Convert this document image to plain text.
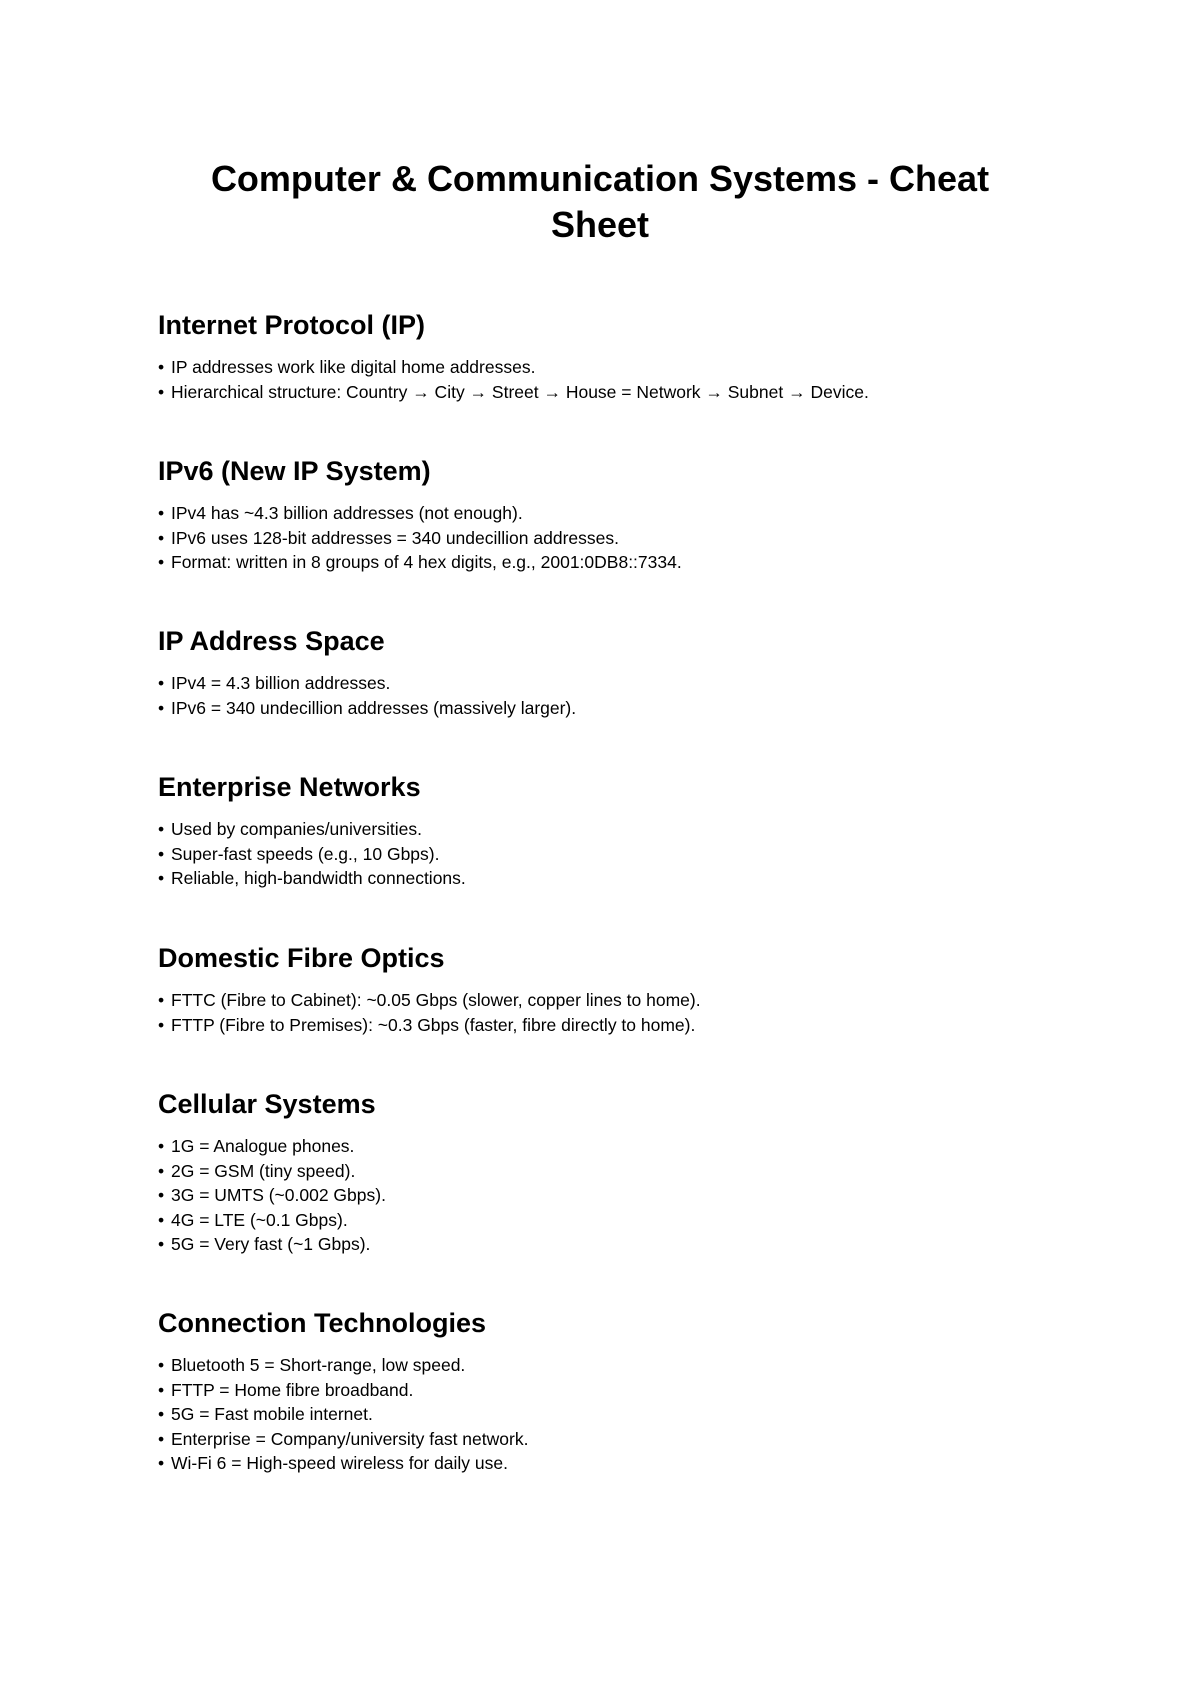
Computer & Communication Systems - Cheat Sheet
Internet Protocol (IP)
• IP addresses work like digital home addresses.
• Hierarchical structure: Country → City → Street → House = Network → Subnet → Device.
IPv6 (New IP System)
• IPv4 has ~4.3 billion addresses (not enough).
• IPv6 uses 128-bit addresses = 340 undecillion addresses.
• Format: written in 8 groups of 4 hex digits, e.g., 2001:0DB8::7334.
IP Address Space
• IPv4 = 4.3 billion addresses.
• IPv6 = 340 undecillion addresses (massively larger).
Enterprise Networks
• Used by companies/universities.
• Super-fast speeds (e.g., 10 Gbps).
• Reliable, high-bandwidth connections.
Domestic Fibre Optics
• FTTC (Fibre to Cabinet): ~0.05 Gbps (slower, copper lines to home).
• FTTP (Fibre to Premises): ~0.3 Gbps (faster, fibre directly to home).
Cellular Systems
• 1G = Analogue phones.
• 2G = GSM (tiny speed).
• 3G = UMTS (~0.002 Gbps).
• 4G = LTE (~0.1 Gbps).
• 5G = Very fast (~1 Gbps).
Connection Technologies
• Bluetooth 5 = Short-range, low speed.
• FTTP = Home fibre broadband.
• 5G = Fast mobile internet.
• Enterprise = Company/university fast network.
• Wi-Fi 6 = High-speed wireless for daily use.
